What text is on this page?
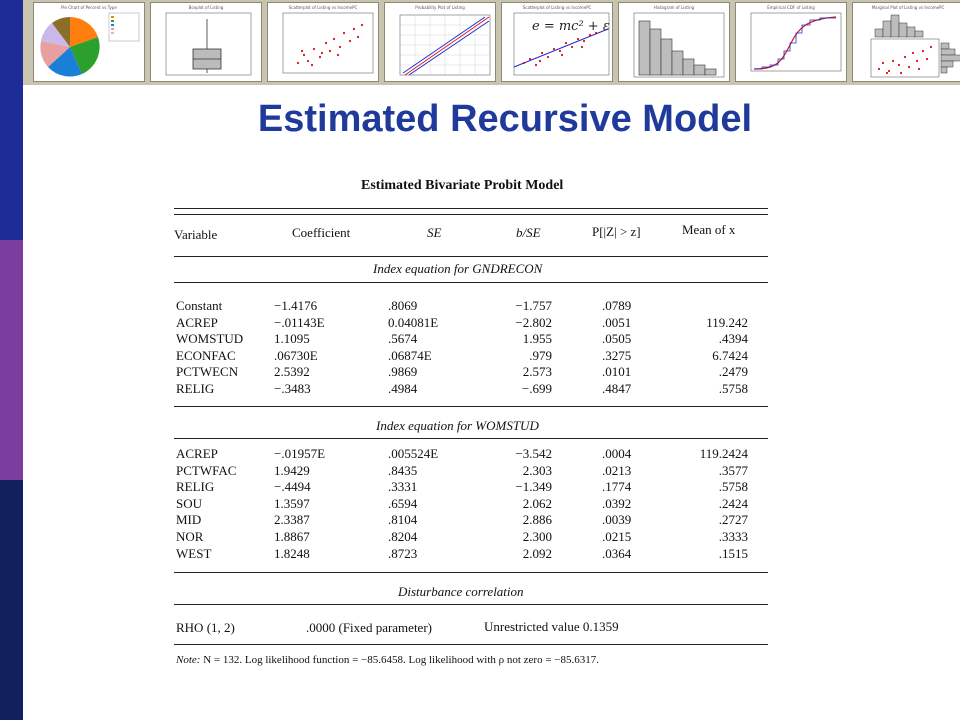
Pie Chart of Percent vs Type	Boxplot of Listing	Scatterplot of Listing vs IncomePC	Probability Plot of Listing	Scatterplot of Listing vs IncomePC
e = mc² + ε
Histogram of Listing	Empirical CDF of Listing	Marginal Plot of Listing vs IncomePC
Estimated Recursive Model
Estimated Bivariate Probit Model
Variable	Coefficient	SE	b/SE	P[|Z| > z]	Mean of x
Index equation for GNDRECON
Constant	−1.4176	.8069	−1.757	.0789
ACREP	−.01143E	0.04081E	−2.802	.0051	119.242
WOMSTUD 1.1095	.5674	1.955	.0505	.4394
ECONFAC	.06730E	.06874E	.979	.3275	6.7424
PCTWECN	2.5392	.9869	2.573	.0101	.2479
RELIG	−.3483	.4984	−.699	.4847	.5758
Index equation for WOMSTUD
ACREP	−.01957E	.005524E	−3.542	.0004	119.2424
PCTWFAC	1.9429	.8435	2.303	.0213	.3577
RELIG	−.4494	.3331	−1.349	.1774	.5758
SOU	1.3597	.6594	2.062	.0392	.2424
MID	2.3387	.8104	2.886	.0039	.2727
NOR	1.8867	.8204	2.300	.0215	.3333
WEST	1.8248	.8723	2.092	.0364	.1515
Disturbance correlation
RHO (1, 2)	.0000 (Fixed parameter)	Unrestricted value 0.1359
Note: N = 132. Log likelihood function = −85.6458. Log likelihood with ρ not zero = −85.6317.
